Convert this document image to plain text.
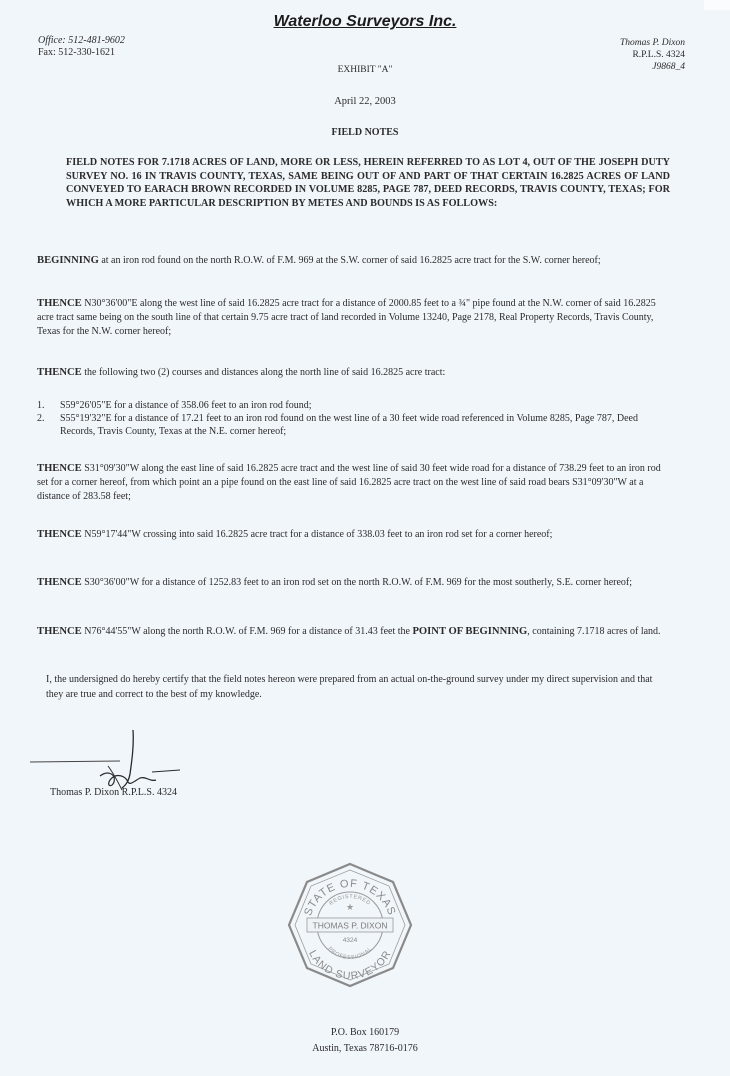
Waterloo Surveyors Inc.
Office: 512-481-9602
Fax: 512-330-1621
Thomas P. Dixon
R.P.L.S. 4324
J9868_4
EXHIBIT "A"
April 22, 2003
FIELD NOTES
FIELD NOTES FOR 7.1718 ACRES OF LAND, MORE OR LESS, HEREIN REFERRED TO AS LOT 4, OUT OF THE JOSEPH DUTY SURVEY NO. 16 IN TRAVIS COUNTY, TEXAS, SAME BEING OUT OF AND PART OF THAT CERTAIN 16.2825 ACRES OF LAND CONVEYED TO EARACH BROWN RECORDED IN VOLUME 8285, PAGE 787, DEED RECORDS, TRAVIS COUNTY, TEXAS; FOR WHICH A MORE PARTICULAR DESCRIPTION BY METES AND BOUNDS IS AS FOLLOWS:
BEGINNING at an iron rod found on the north R.O.W. of F.M. 969 at the S.W. corner of said 16.2825 acre tract for the S.W. corner hereof;
THENCE N30°36'00"E along the west line of said 16.2825 acre tract for a distance of 2000.85 feet to a ¾" pipe found at the N.W. corner of said 16.2825 acre tract same being on the south line of that certain 9.75 acre tract of land recorded in Volume 13240, Page 2178, Real Property Records, Travis County, Texas for the N.W. corner hereof;
THENCE the following two (2) courses and distances along the north line of said 16.2825 acre tract:
1.	S59°26'05"E for a distance of 358.06 feet to an iron rod found;
2.	S55°19'32"E for a distance of 17.21 feet to an iron rod found on the west line of a 30 feet wide road referenced in Volume 8285, Page 787, Deed Records, Travis County, Texas at the N.E. corner hereof;
THENCE S31°09'30"W along the east line of said 16.2825 acre tract and the west line of said 30 feet wide road for a distance of 738.29 feet to an iron rod set for a corner hereof, from which point an a pipe found on the east line of said 16.2825 acre tract on the west line of said road bears S31°09'30"W at a distance of 283.58 feet;
THENCE N59°17'44"W crossing into said 16.2825 acre tract for a distance of 338.03 feet to an iron rod set for a corner hereof;
THENCE S30°36'00"W for a distance of 1252.83 feet to an iron rod set on the north R.O.W. of F.M. 969 for the most southerly, S.E. corner hereof;
THENCE N76°44'55"W along the north R.O.W. of F.M. 969 for a distance of 31.43 feet the POINT OF BEGINNING, containing 7.1718 acres of land.
I, the undersigned do hereby certify that the field notes hereon were prepared from an actual on-the-ground survey under my direct supervision and that they are true and correct to the best of my knowledge.
Thomas P. Dixon R.P.L.S. 4324
STATE OF TEXAS
LAND SURVEYOR
REGISTERED
PROFESSIONAL
THOMAS P. DIXON
4324
★
P.O. Box 160179
Austin, Texas 78716-0176
